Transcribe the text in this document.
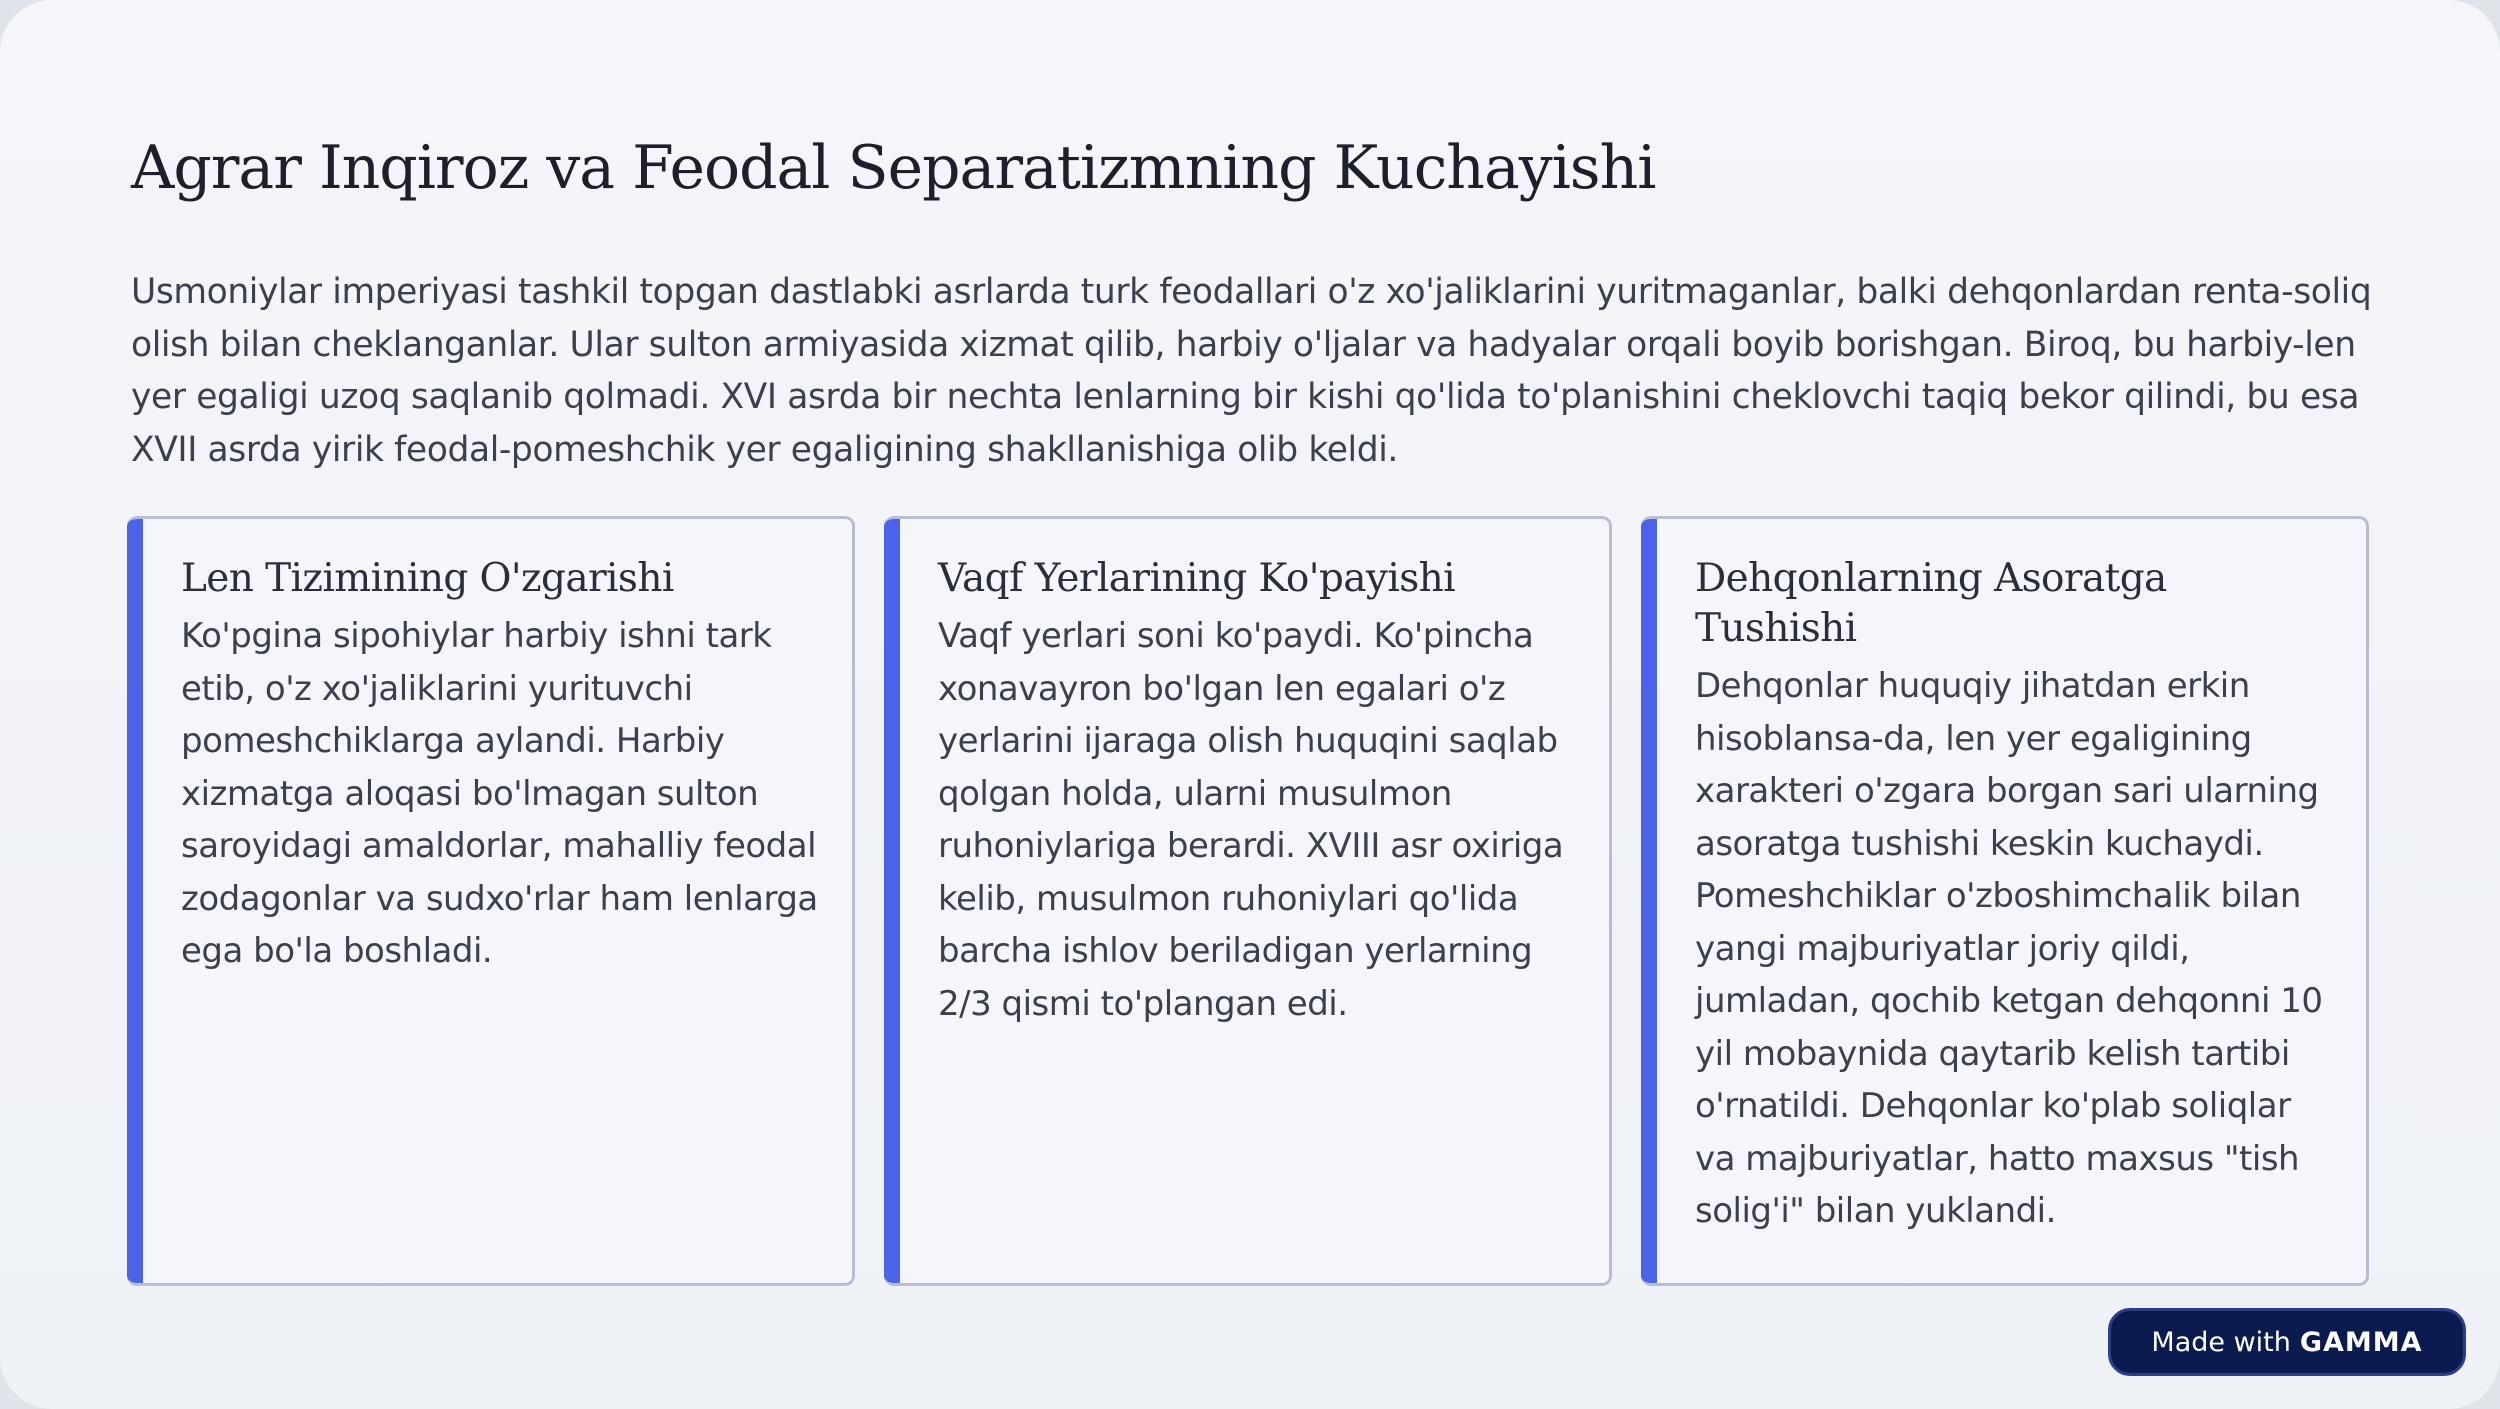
Agrar Inqiroz va Feodal Separatizmning Kuchayishi

Usmoniylar imperiyasi tashkil topgan dastlabki asrlarda turk feodallari o'z xo'jaliklarini yuritmaganlar, balki dehqonlardan renta-soliq olish bilan cheklanganlar. Ular sulton armiyasida xizmat qilib, harbiy o'ljalar va hadyalar orqali boyib borishgan. Biroq, bu harbiy-len yer egaligi uzoq saqlanib qolmadi. XVI asrda bir nechta lenlarning bir kishi qo'lida to'planishini cheklovchi taqiq bekor qilindi, bu esa XVII asrda yirik feodal-pomeshchik yer egaligining shakllanishiga olib keldi.

Len Tizimining O'zgarishi

Ko'pgina sipohiylar harbiy ishni tark etib, o'z xo'jaliklarini yurituvchi pomeshchiklarga aylandi. Harbiy xizmatga aloqasi bo'lmagan sulton saroyidagi amaldorlar, mahalliy feodal zodagonlar va sudxo'rlar ham lenlarga ega bo'la boshladi.

Vaqf Yerlarining Ko'payishi

Vaqf yerlari soni ko'paydi. Ko'pincha xonavayron bo'lgan len egalari o'z yerlarini ijaraga olish huquqini saqlab qolgan holda, ularni musulmon ruhoniylariga berardi. XVIII asr oxiriga kelib, musulmon ruhoniylari qo'lida barcha ishlov beriladigan yerlarning 2/3 qismi to'plangan edi.

Dehqonlarning Asoratga Tushishi

Dehqonlar huquqiy jihatdan erkin hisoblansa-da, len yer egaligining xarakteri o'zgara borgan sari ularning asoratga tushishi keskin kuchaydi. Pomeshchiklar o'zboshimchalik bilan yangi majburiyatlar joriy qildi, jumladan, qochib ketgan dehqonni 10 yil mobaynida qaytarib kelish tartibi o'rnatildi. Dehqonlar ko'plab soliqlar va majburiyatlar, hatto maxsus "tish solig'i" bilan yuklandi.

Made with GAMMA
